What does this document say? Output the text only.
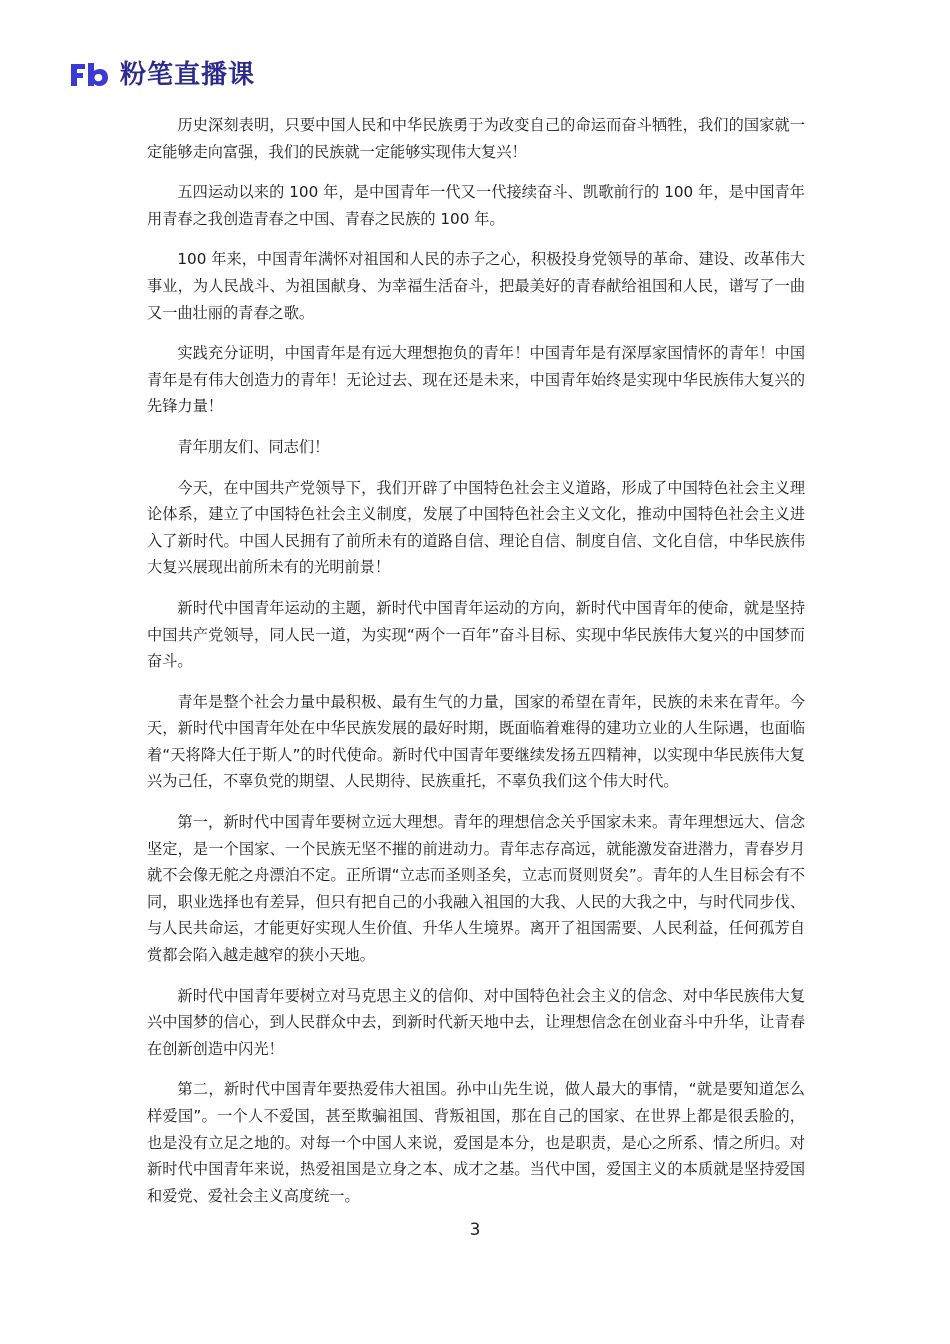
粉笔直播课

历史深刻表明，只要中国人民和中华民族勇于为改变自己的命运而奋斗牺牲，我们的国家就一定能够走向富强，我们的民族就一定能够实现伟大复兴！

五四运动以来的 100 年，是中国青年一代又一代接续奋斗、凯歌前行的 100 年，是中国青年用青春之我创造青春之中国、青春之民族的 100 年。

100 年来，中国青年满怀对祖国和人民的赤子之心，积极投身党领导的革命、建设、改革伟大事业，为人民战斗、为祖国献身、为幸福生活奋斗，把最美好的青春献给祖国和人民，谱写了一曲又一曲壮丽的青春之歌。

实践充分证明，中国青年是有远大理想抱负的青年！中国青年是有深厚家国情怀的青年！中国青年是有伟大创造力的青年！无论过去、现在还是未来，中国青年始终是实现中华民族伟大复兴的先锋力量！

青年朋友们、同志们！

今天，在中国共产党领导下，我们开辟了中国特色社会主义道路，形成了中国特色社会主义理论体系，建立了中国特色社会主义制度，发展了中国特色社会主义文化，推动中国特色社会主义进入了新时代。中国人民拥有了前所未有的道路自信、理论自信、制度自信、文化自信，中华民族伟大复兴展现出前所未有的光明前景！

新时代中国青年运动的主题，新时代中国青年运动的方向，新时代中国青年的使命，就是坚持中国共产党领导，同人民一道，为实现“两个一百年”奋斗目标、实现中华民族伟大复兴的中国梦而奋斗。

青年是整个社会力量中最积极、最有生气的力量，国家的希望在青年，民族的未来在青年。今天，新时代中国青年处在中华民族发展的最好时期，既面临着难得的建功立业的人生际遇，也面临着“天将降大任于斯人”的时代使命。新时代中国青年要继续发扬五四精神，以实现中华民族伟大复兴为己任，不辜负党的期望、人民期待、民族重托，不辜负我们这个伟大时代。

第一，新时代中国青年要树立远大理想。青年的理想信念关乎国家未来。青年理想远大、信念坚定，是一个国家、一个民族无坚不摧的前进动力。青年志存高远，就能激发奋进潜力，青春岁月就不会像无舵之舟漂泊不定。正所谓“立志而圣则圣矣，立志而贤则贤矣”。青年的人生目标会有不同，职业选择也有差异，但只有把自己的小我融入祖国的大我、人民的大我之中，与时代同步伐、与人民共命运，才能更好实现人生价值、升华人生境界。离开了祖国需要、人民利益，任何孤芳自赏都会陷入越走越窄的狭小天地。

新时代中国青年要树立对马克思主义的信仰、对中国特色社会主义的信念、对中华民族伟大复兴中国梦的信心，到人民群众中去，到新时代新天地中去，让理想信念在创业奋斗中升华，让青春在创新创造中闪光！

第二，新时代中国青年要热爱伟大祖国。孙中山先生说，做人最大的事情，“就是要知道怎么样爱国”。一个人不爱国，甚至欺骗祖国、背叛祖国，那在自己的国家、在世界上都是很丢脸的，也是没有立足之地的。对每一个中国人来说，爱国是本分，也是职责，是心之所系、情之所归。对新时代中国青年来说，热爱祖国是立身之本、成才之基。当代中国，爱国主义的本质就是坚持爱国和爱党、爱社会主义高度统一。

3
